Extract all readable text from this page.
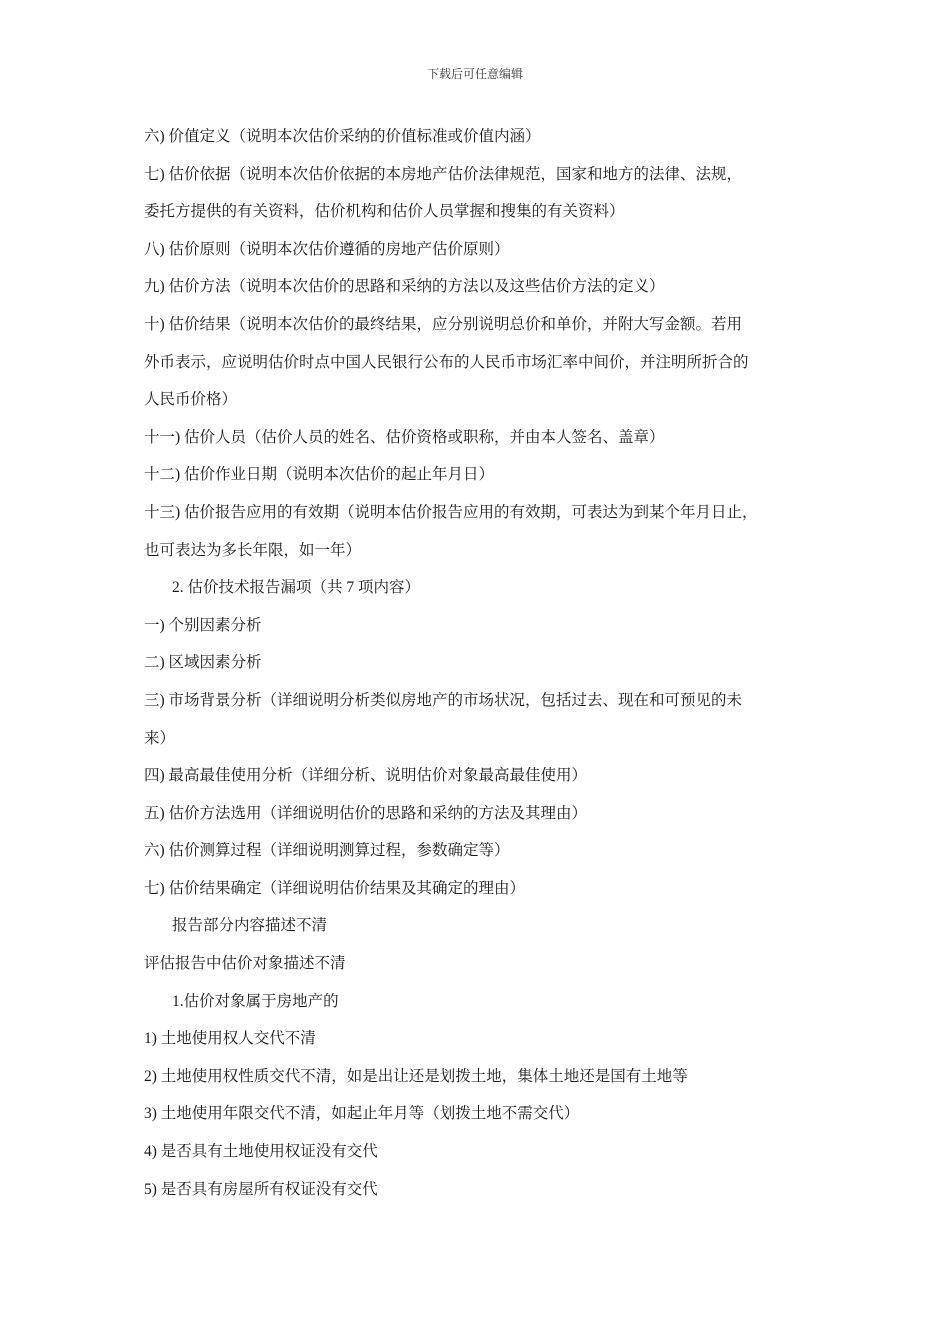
下载后可任意编辑
六) 价值定义（说明本次估价采纳的价值标准或价值内涵）
七) 估价依据（说明本次估价依据的本房地产估价法律规范，国家和地方的法律、法规，
委托方提供的有关资料，估价机构和估价人员掌握和搜集的有关资料）
八) 估价原则（说明本次估价遵循的房地产估价原则）
九) 估价方法（说明本次估价的思路和采纳的方法以及这些估价方法的定义）
十) 估价结果（说明本次估价的最终结果，应分别说明总价和单价，并附大写金额。若用
外币表示，应说明估价时点中国人民银行公布的人民币市场汇率中间价，并注明所折合的
人民币价格）
十一) 估价人员（估价人员的姓名、估价资格或职称，并由本人签名、盖章）
十二) 估价作业日期（说明本次估价的起止年月日）
十三) 估价报告应用的有效期（说明本估价报告应用的有效期，可表达为到某个年月日止，
也可表达为多长年限，如一年）
2. 估价技术报告漏项（共 7 项内容）
一) 个别因素分析
二) 区域因素分析
三) 市场背景分析（详细说明分析类似房地产的市场状况，包括过去、现在和可预见的未
来）
四) 最高最佳使用分析（详细分析、说明估价对象最高最佳使用）
五) 估价方法选用（详细说明估价的思路和采纳的方法及其理由）
六) 估价测算过程（详细说明测算过程，参数确定等）
七) 估价结果确定（详细说明估价结果及其确定的理由）
报告部分内容描述不清
评估报告中估价对象描述不清
1.估价对象属于房地产的
1) 土地使用权人交代不清
2) 土地使用权性质交代不清，如是出让还是划拨土地，集体土地还是国有土地等
3) 土地使用年限交代不清，如起止年月等（划拨土地不需交代）
4) 是否具有土地使用权证没有交代
5) 是否具有房屋所有权证没有交代
